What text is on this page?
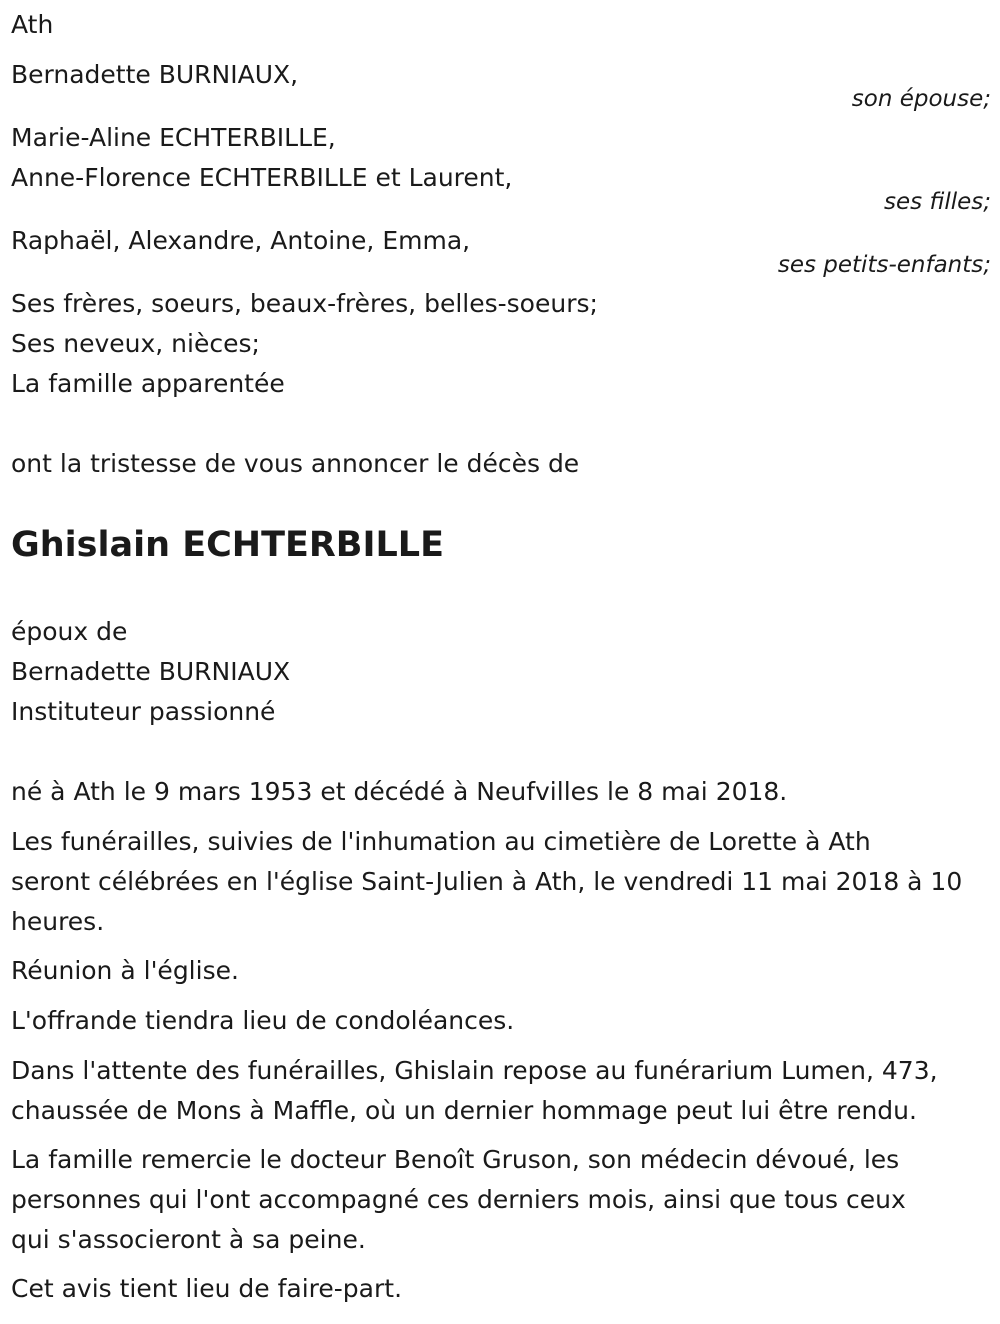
Ath
Bernadette BURNIAUX,
son épouse;
Marie-Aline ECHTERBILLE,
Anne-Florence ECHTERBILLE et Laurent,
ses filles;
Raphaël, Alexandre, Antoine, Emma,
ses petits-enfants;
Ses frères, soeurs, beaux-frères, belles-soeurs;
Ses neveux, nièces;
La famille apparentée
ont la tristesse de vous annoncer le décès de
Ghislain ECHTERBILLE
époux de
Bernadette BURNIAUX
Instituteur passionné
né à Ath le 9 mars 1953 et décédé à Neufvilles le 8 mai 2018.
Les funérailles, suivies de l'inhumation au cimetière de Lorette à Ath
seront célébrées en l'église Saint-Julien à Ath, le vendredi 11 mai 2018 à 10
heures.
Réunion à l'église.
L'offrande tiendra lieu de condoléances.
Dans l'attente des funérailles, Ghislain repose au funérarium Lumen, 473,
chaussée de Mons à Maffle, où un dernier hommage peut lui être rendu.
La famille remercie le docteur Benoît Gruson, son médecin dévoué, les
personnes qui l'ont accompagné ces derniers mois, ainsi que tous ceux
qui s'associeront à sa peine.
Cet avis tient lieu de faire-part.
